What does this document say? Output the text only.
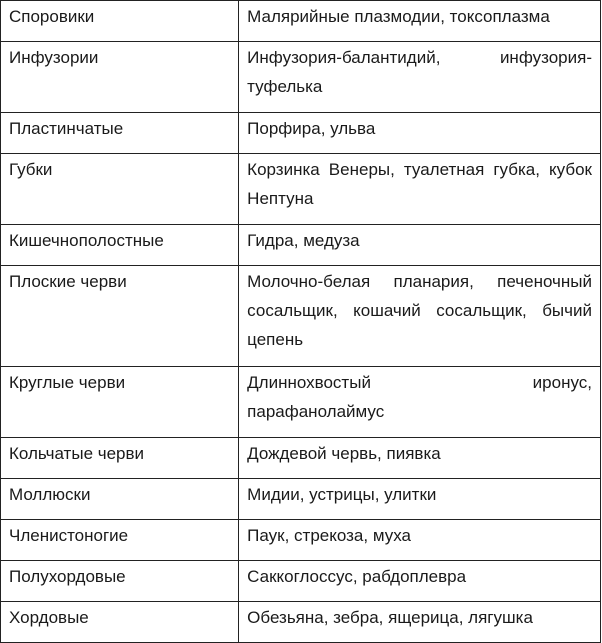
Споровики	Малярийные плазмодии, токсоплазма
Инфузории	Инфузория-балантидий, инфузория-
туфелька
Пластинчатые	Порфира, ульва
Губки	Корзинка Венеры, туалетная губка, кубок Нептуна
Кишечнополостные	Гидра, медуза
Плоские черви	Молочно-белая планария, печеночный сосальщик, кошачий сосальщик, бычий цепень
Круглые черви	Длиннохвостый иронус,
парафанолаймус
Кольчатые черви	Дождевой червь, пиявка
Моллюски	Мидии, устрицы, улитки
Членистоногие	Паук, стрекоза, муха
Полухордовые	Саккоглоссус, рабдоплевра
Хордовые	Обезьяна, зебра, ящерица, лягушка
